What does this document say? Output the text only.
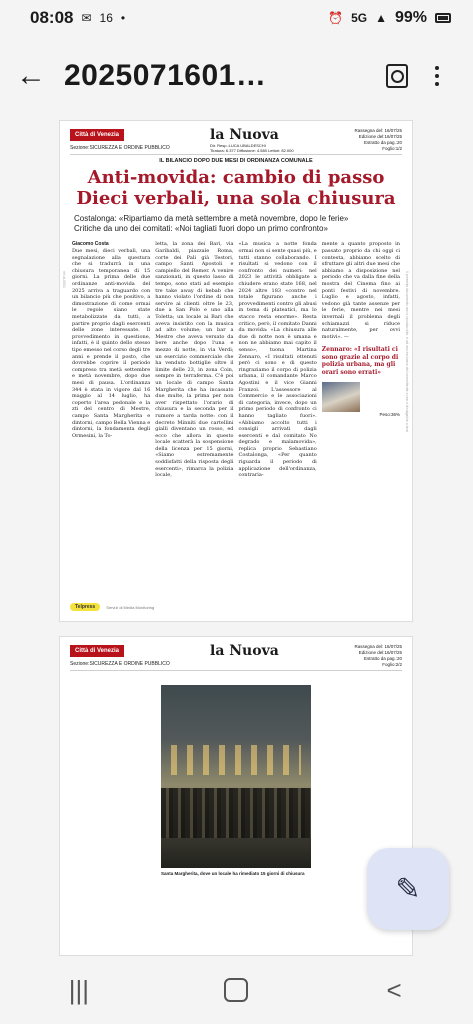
08:08 ✉ 16 •	⏰ 5G ▲ 99%
← 2025071601…
Città di Venezia
Sezione:SICUREZZA E ORDINE PUBBLICO
la Nuova
Dir. Resp.:LUCA UBALDESCHI
Tiratura: 6.377 Diffusione: 4.580 Lettori: 82.000
Rassegna del: 16/07/25
Edizione del:16/07/25
Estratto da pag.:20
Foglio:1/2
IL BILANCIO DOPO DUE MESI DI ORDINANZA COMUNALE
Anti-movida: cambio di passo
Dieci verbali, una sola chiusura
Costalonga: «Ripartiamo da metà settembre a metà novembre, dopo le ferie»
Critiche da uno dei comitati: «Noi tagliati fuori dopo un primo confronto»
Giacomo Costa
Due mesi, dieci verbali, una segnalazione alla questura che si tradurrà in una chiusura temporanea di 15 giorni. La prima delle due ordinanze anti-movida del 2025 arriva a traguardo con un bilancio più che positivo, a dimostrazione di come ormai le regole siano state metabolizzate da tutti, a partire proprio dagli esercenti delle zone interessate. Il provvedimento in questione, infatti, è il quinto dello stesso tipo emesso nel corso degli tre anni e prende il posto, che dovrebbe coprire il periodo compreso tra metà settembre e metà novembre, dopo due mesi di pausa. L'ordinanza 344 è stata in vigore dal 16 maggio al 14 luglio, ha coperto l'area pedonale e la zti del centro di Mestre, campo Santa Margherita e dintorni, campo Bella Vienna e dintorni, la fondamenta degli Ormesini, la To-
letta, la zona dei Bari, via Garibaldi, piazzale Roma, corte dei Pali già Testori, campo Santi Apostoli e campiello del Remer. A venire sanzionati, in questo lasso di tempo, sono stati ad esempio tre take away di kebab che hanno violato l'ordine di non servire ai clienti oltre le 23, due a San Polo e uno alla Toletta; un locale ai Bari che aveva insistito con la musica ad alto volume; un bar a Mestre che aveva versato da bere anche dopo l'una e mezzo di notte, in via Verdi; un esercizio commerciale che ha venduto bottiglie oltre il limite delle 23, in zona Coin, sempre in terraferma. C'è poi un locale di campo Santa Margherita che ha incassato due multe, la prima per non aver rispettato l'orario di chiusura e la seconda per il rumore a tarda notte: con il decreto Minniti due cartellini gialli diventano un rosso, ed ecco che allora in questo locale scatterà la sospensione della licenza per 15 giorni, «Siamo estremamente soddisfatti della risposta degli esercenti», rimarca la polizia locale,
«La musica a notte fonda ormai non si sente quasi più, e tutti stanno collaborando. I risultati si vedono con il confronto dei numeri: nel 2023 le attività obbligate a chiudere erano state 168, nel 2024 altre 183 «contro nel totale figurano anche i provvedimenti contro gli abusi in tema di plateatici, ma lo stacco resta enorme». Resta critico, però, il comitato Danni da movida: «La chiusura alle due di notte non è umana e non ne abbiamo mai capito il senso», tuona Martina Zennaro, «I risultati ottenuti però ci sono e di questo ringraziamo il corpo di polizia urbana, il comandante Marco Agostini e il vice Gianni Franzoi. L'assessore al Commercio e le associazioni di categoria, invece, dopo un primo periodo di confronto ci hanno tagliato fuori». «Abbiamo accolto tutti i consigli arrivati dagli esercenti e dal comitato No degrado e malamovida», replica proprio Sebastiano Costalonga, «Per quanto riguarda il periodo di applicazione dell'ordinanza, contraria-
mente a quanto proposto in passato proprio da chi oggi ci contesta, abbiamo scelto di sfruttare gli altri due mesi che abbiamo a disposizione nel periodo che va dalla fine della mostra del Cinema fino ai ponti festivi di novembre. Luglio e agosto, infatti, vedono già tante assenze per le ferie, mentre nei mesi invernali il problema degli schiamazzi si riduce naturalmente, per ovvi motivi». —
Zennaro: «I risultati ci sono grazie al corpo di polizia urbana, ma gli orari sono errati»
Peso:36%
ref-id-0051	Il presente documento non è riproducibile, è ad uso esclusivo del committente e non è divulgabile a terzi.
Telpress	Servizi di Media Monitoring
Città di Venezia
Sezione:SICUREZZA E ORDINE PUBBLICO
la Nuova	Rassegna del: 16/07/25
Edizione del:16/07/25
Estratto da pag.:20
Foglio:2/2
Santa Margherita, dove un locale ha rimediato 15 giorni di chiusura	✎
|||	<
